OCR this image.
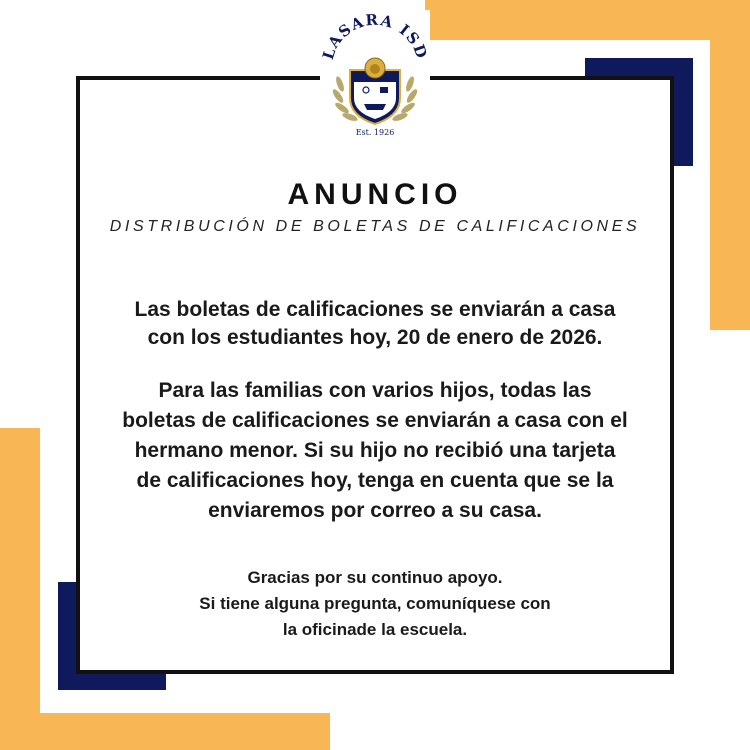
LASARA ISD
Est. 1926
ANUNCIO

DISTRIBUCIÓN DE BOLETAS DE CALIFICACIONES

Las boletas de calificaciones se enviarán a casa
con los estudiantes hoy, 20 de enero de 2026.

Para las familias con varios hijos, todas las
boletas de calificaciones se enviarán a casa con el
hermano menor. Si su hijo no recibió una tarjeta
de calificaciones hoy, tenga en cuenta que se la
enviaremos por correo a su casa.

Gracias por su continuo apoyo.
Si tiene alguna pregunta, comuníquese con
la oficinade la escuela.
